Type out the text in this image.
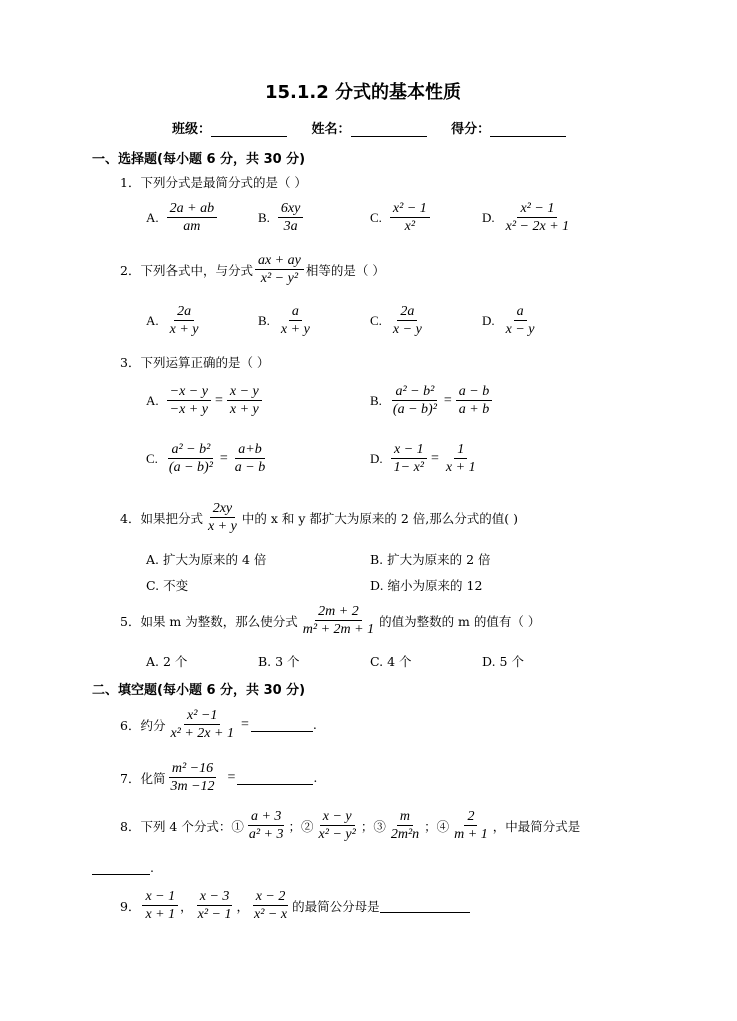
15.1.2 分式的基本性质
班级：	姓名：	得分：
一、选择题(每小题 6 分，共 30 分)
1．下列分式是最简分式的是（ ）
A. $\frac{2a + ab}{am}$	B. $\frac{6xy}{3a}$	C. $\frac{\text{x² − 1}}{\text{x²}}$	D. $\frac{\text{x² − 1}}{\text{x² − 2x + 1}}$
2．下列各式中，与分式 $\frac{ax + ay}{\text{x² − y²}}$ 相等的是（ ）
A. $\frac{2a}{x + y}$	B. $\frac{a}{x + y}$	C. $\frac{2a}{x - y}$	D. $\frac{a}{x - y}$
3．下列运算正确的是（ ）
A. $\frac{-x - y}{-x + y} = \frac{x - y}{x + y}$	B. $\frac{\text{a² − b²}}{\text{(a − b)²}} = \frac{a - b}{a + b}$
C. $\frac{\text{a² − b²}}{\text{(a − b)²}} = \frac{a+b}{a - b}$	D. $\frac{x - 1}{\text{1− x²}} = \frac{1}{x + 1}$
4．如果把分式 $\frac{2xy}{x + y}$ 中的 x 和 y 都扩大为原来的 2 倍,那么分式的值( )
A. 扩大为原来的 4 倍	B. 扩大为原来的 2 倍
C. 不变	D. 缩小为原来的 12
5．如果 m 为整数，那么使分式 $\frac{2m + 2}{\text{m² + 2m + 1}}$ 的值为整数的 m 的值有（ ）
A. 2 个	B. 3 个	C. 4 个	D. 5 个
二、填空题(每小题 6 分，共 30 分)
6．约分 $\frac{\text{x² −1}}{\text{x² + 2x + 1}}$ =	.
7．化简 $\frac{\text{m² −16}}{3m -12}$ =	.
8．下列 4 个分式：① $\frac{a + 3}{\text{a² + 3}}$ ；② $\frac{x - y}{\text{x² − y²}}$ ；③ $\frac{m}{\text{2m²n}}$ ；④ $\frac{2}{m + 1}$ ，中最简分式是
.
9． $\frac{x - 1}{x + 1}$ ， $\frac{x - 3}{\text{x² − 1}}$ ， $\frac{x - 2}{\text{x² − x}}$ 的最简公分母是
